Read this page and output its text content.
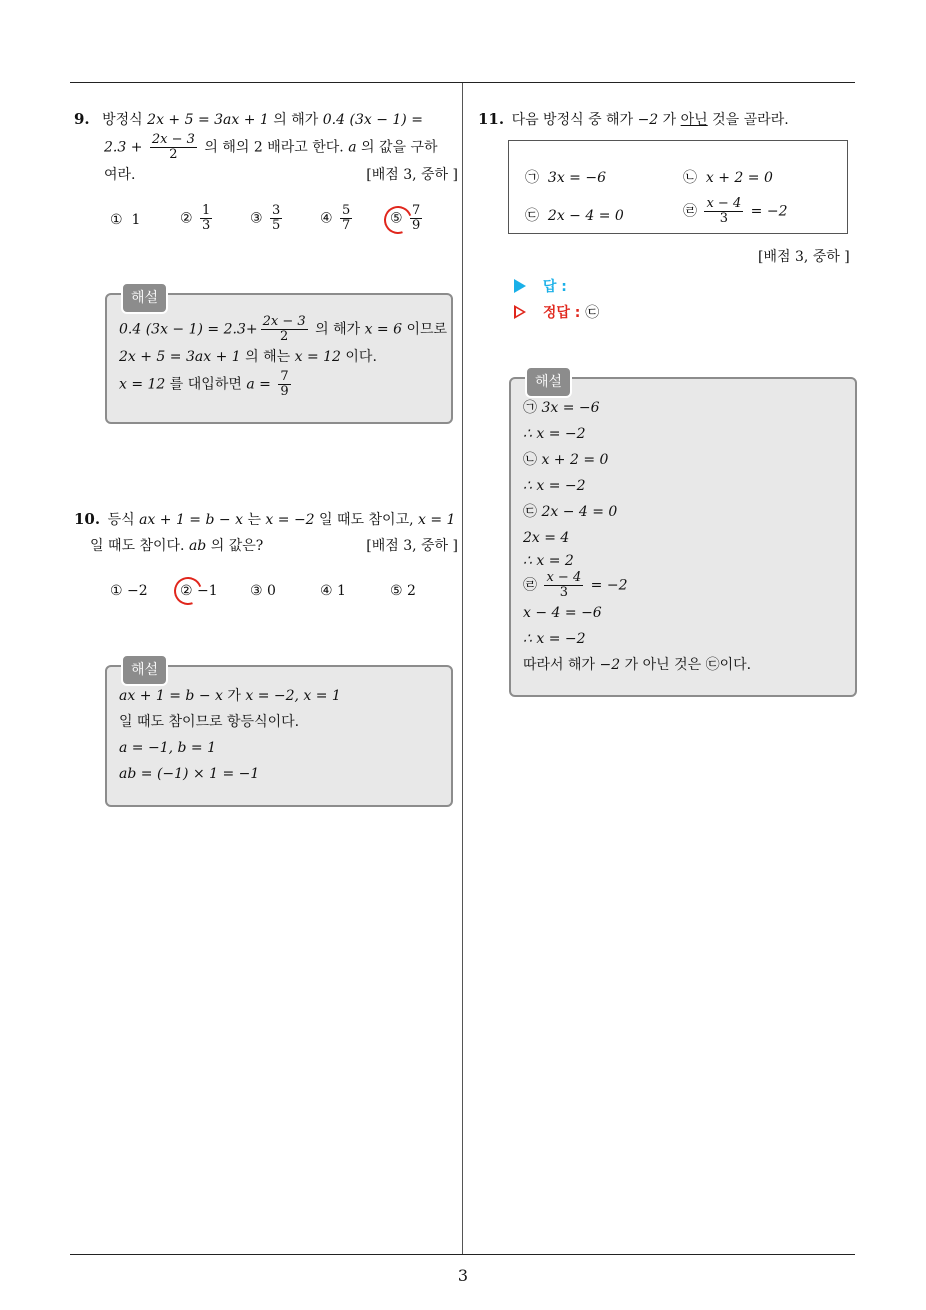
9. 방정식 2x + 5 = 3ax + 1 의 해가 0.4 (3x − 1) =
$2.3 + \frac{2x - 3}{2}$ 의 해의 2 배라고 한다. a 의 값을 구하
여라.	[배점 3, 중하 ]
① 1	② $\frac{1}{3}$	③ $\frac{3}{5}$	④ $\frac{5}{7}$	⑤ $\frac{7}{9}$
해설
0.4 $(3x - 1) = 2.3+ \frac{2x - 3}{2}$ 의 해가 x = 6 이므로
2x + 5 = 3ax + 1 의 해는 x = 12 이다.
x = 12 를 대입하면 $a = \frac{7}{9}$
10. 등식 ax + 1 = b − x 는 x = −2 일 때도 참이고, x = 1
일 때도 참이다. ab 의 값은?	[배점 3, 중하 ]
① −2 ② −1 ③ 0	④ 1	⑤ 2
해설
ax + 1 = b − x 가 x = −2, x = 1
일 때도 참이므로 항등식이다.
a = −1, b = 1
ab = (−1) × 1 = −1
11. 다음 방정식 중 해가 −2 가 아닌 것을 골라라.
㉠ 3x = −6	㉡ x + 2 = 0
㉢ 2x − 4 = 0	㉣ $\frac{x - 4}{3} = -2$
[배점 3, 중하 ]
답 :
정답 : ㉢
해설
㉠ 3x = −6
∴ x = −2
㉡ x + 2 = 0
∴ x = −2
㉢ 2x − 4 = 0
2x = 4
∴ x = 2
㉣ $\frac{x - 4}{3} = -2$
x − 4 = −6
∴ x = −2
따라서 해가 −2 가 아닌 것은 ㉢이다.
3
